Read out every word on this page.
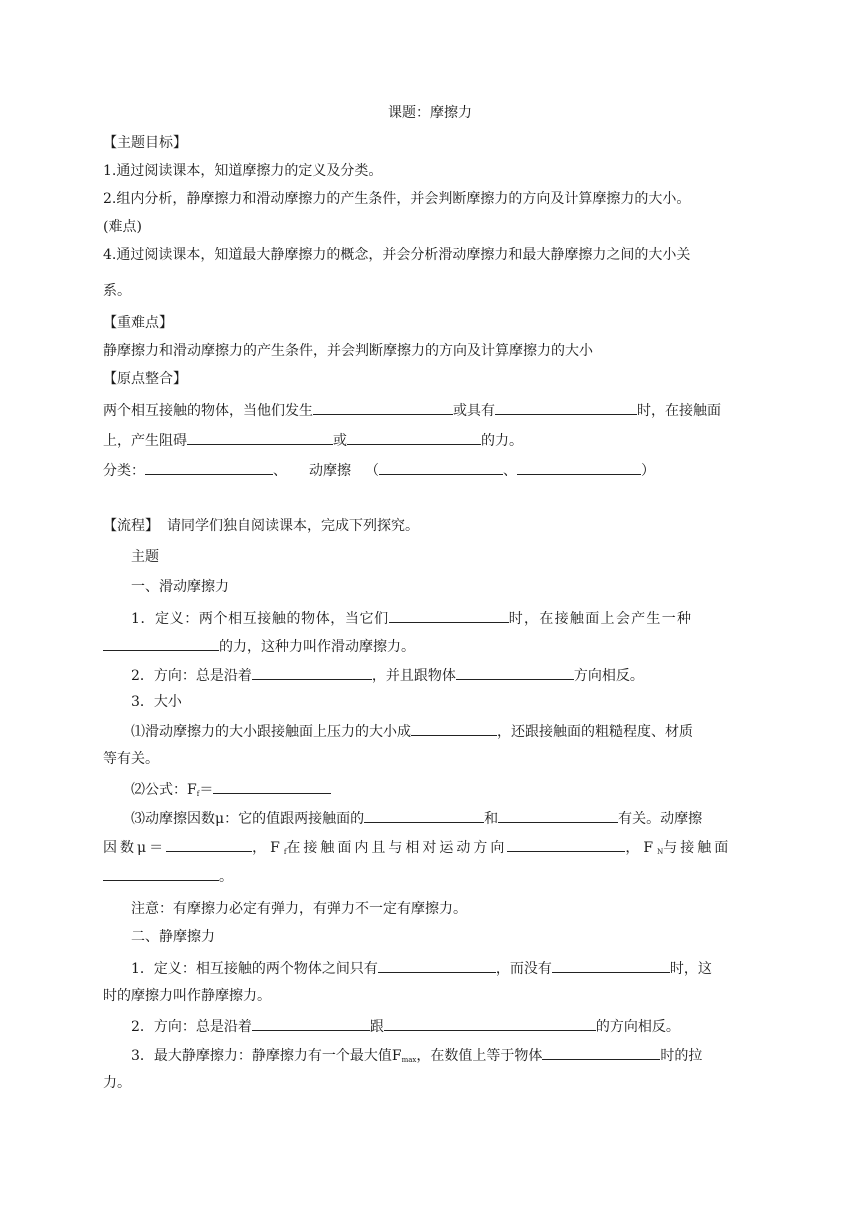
课题：摩擦力
【主题目标】
1.通过阅读课本，知道摩擦力的定义及分类。
2.组内分析，静摩擦力和滑动摩擦力的产生条件，并会判断摩擦力的方向及计算摩擦力的大小。
(难点)
4.通过阅读课本，知道最大静摩擦力的概念，并会分析滑动摩擦力和最大静摩擦力之间的大小关
系。
【重难点】
静摩擦力和滑动摩擦力的产生条件，并会判断摩擦力的方向及计算摩擦力的大小
【原点整合】
两个相互接触的物体，当他们发生	或具有	时，在接触面
上，产生阻碍	或	的力。
分类：	、 动摩擦 （	、	）
【流程】 请同学们独自阅读课本，完成下列探究。
主题
一、滑动摩擦力
1．定义：两个相互接触的物体，当它们	时，在接触面上会产生一种
的力，这种力叫作滑动摩擦力。
2．方向：总是沿着	，并且跟物体	方向相反。
3．大小
⑴滑动摩擦力的大小跟接触面上压力的大小成	，还跟接触面的粗糙程度、材质
等有关。
⑵公式：$F_f=$
⑶动摩擦因数μ：它的值跟两接触面的	和	有关。动摩擦
因数μ＝	，$F_f$在接触面内且与相对运动方向	，$F_N$与接触面
。
注意：有摩擦力必定有弹力，有弹力不一定有摩擦力。
二、静摩擦力
1．定义：相互接触的两个物体之间只有	，而没有	时，这
时的摩擦力叫作静摩擦力。
2．方向：总是沿着	跟	的方向相反。
3．最大静摩擦力：静摩擦力有一个最大值$F_{max}$，在数值上等于物体	时的拉
力。
